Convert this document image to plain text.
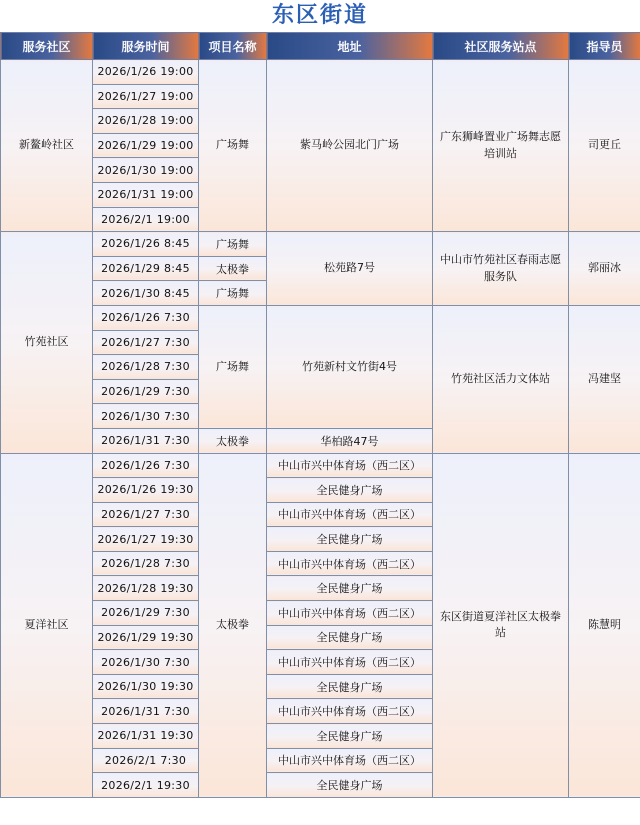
东区街道
服务社区	服务时间	项目名称	地址	社区服务站点	指导员
新鳌岭社区	2026/1/26 19:00	广场舞	紫马岭公园北门广场	广东狮峰置业广场舞志愿培训站	司更丘
	2026/1/27 19:00				
	2026/1/28 19:00				
	2026/1/29 19:00				
	2026/1/30 19:00				
	2026/1/31 19:00				
	2026/2/1 19:00				
竹苑社区	2026/1/26 8:45	广场舞	松苑路7号	中山市竹苑社区春雨志愿服务队	郭丽冰
	2026/1/29 8:45	太极拳			
	2026/1/30 8:45	广场舞			
	2026/1/26 7:30	广场舞	竹苑新村文竹街4号	竹苑社区活力文体站	冯建坚
	2026/1/27 7:30				
	2026/1/28 7:30				
	2026/1/29 7:30				
	2026/1/30 7:30				
	2026/1/31 7:30	太极拳	华柏路47号		
夏洋社区	2026/1/26 7:30	太极拳	中山市兴中体育场（西二区）	东区街道夏洋社区太极拳站	陈慧明
	2026/1/26 19:30		全民健身广场		
	2026/1/27 7:30		中山市兴中体育场（西二区）		
	2026/1/27 19:30		全民健身广场		
	2026/1/28 7:30		中山市兴中体育场（西二区）		
	2026/1/28 19:30		全民健身广场		
	2026/1/29 7:30		中山市兴中体育场（西二区）		
	2026/1/29 19:30		全民健身广场		
	2026/1/30 7:30		中山市兴中体育场（西二区）		
	2026/1/30 19:30		全民健身广场		
	2026/1/31 7:30		中山市兴中体育场（西二区）		
	2026/1/31 19:30		全民健身广场		
	2026/2/1 7:30		中山市兴中体育场（西二区）		
	2026/2/1 19:30		全民健身广场		
